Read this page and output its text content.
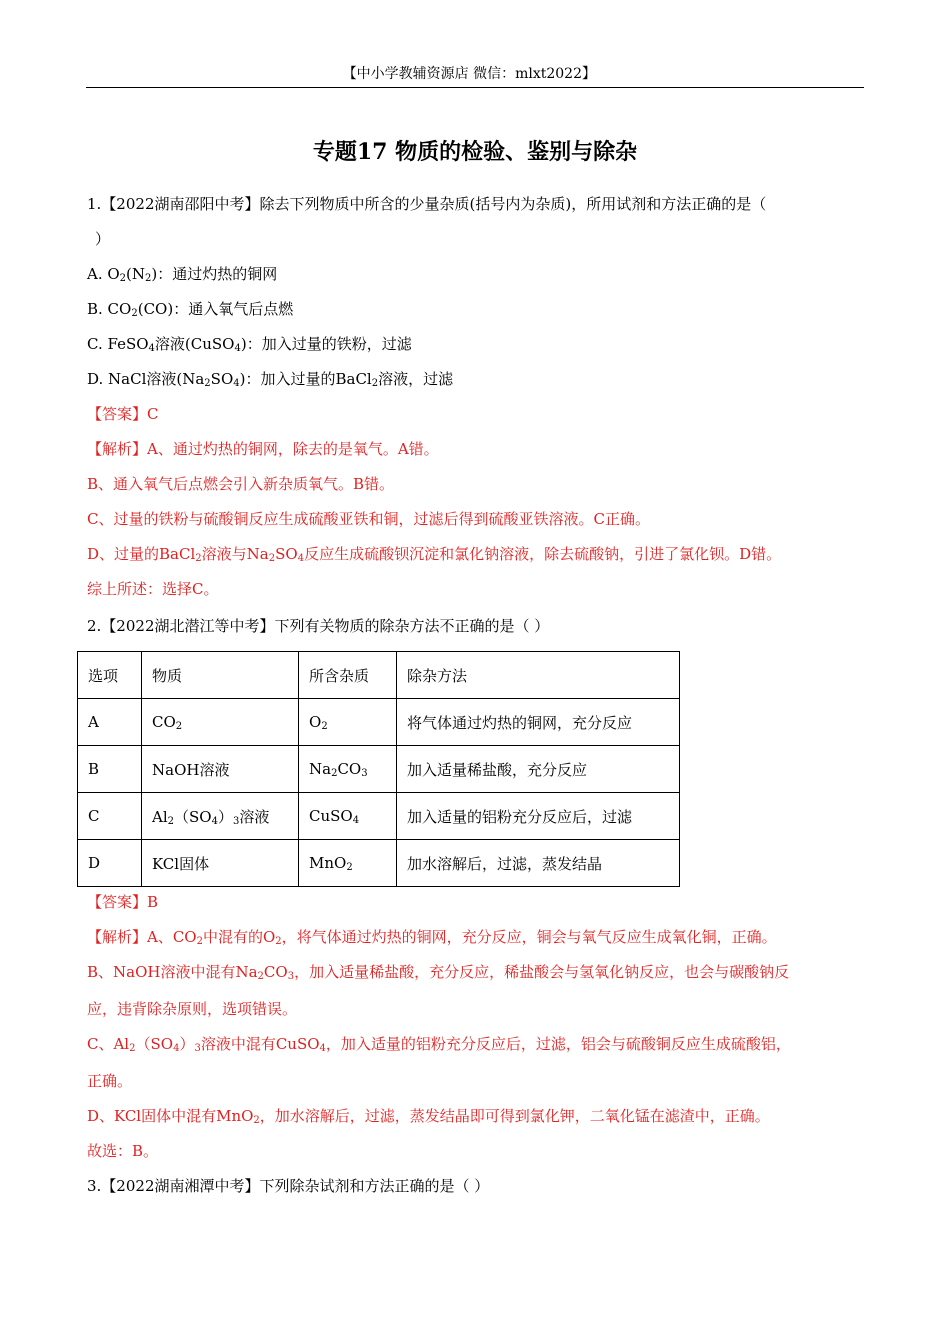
【中小学教辅资源店 微信：mlxt2022】
专题17 物质的检验、鉴别与除杂
1.【2022湖南邵阳中考】除去下列物质中所含的少量杂质(括号内为杂质)，所用试剂和方法正确的是（
）
A. $O_2(N_2)$：通过灼热的铜网
B. $CO_2(CO)$：通入氧气后点燃
C. FeSO$_4$溶液(CuSO$_4$)：加入过量的铁粉，过滤
D. NaCl溶液$(Na_2SO_4)$：加入过量的BaCl$_2$溶液，过滤
【答案】C
【解析】A、通过灼热的铜网，除去的是氧气。A错。
B、通入氧气后点燃会引入新杂质氧气。B错。
C、过量的铁粉与硫酸铜反应生成硫酸亚铁和铜，过滤后得到硫酸亚铁溶液。C正确。
D、过量的BaCl$_2$溶液与$Na_2SO_4$反应生成硫酸钡沉淀和氯化钠溶液，除去硫酸钠，引进了氯化钡。D错。
综上所述：选择C。
2.【2022湖北潜江等中考】下列有关物质的除杂方法不正确的是（ ）
选项	物质	所含杂质	除杂方法
A	$CO_2$	$O_2$	将气体通过灼热的铜网，充分反应
B	NaOH溶液	$Na_2CO_3$	加入适量稀盐酸，充分反应
C	$Al_2(SO_4)_3$溶液	CuSO$_4$	加入适量的铝粉充分反应后，过滤
D	KCl固体	MnO$_2$	加水溶解后，过滤，蒸发结晶
【答案】B
【解析】A、$CO_2$中混有的$O_2$，将气体通过灼热的铜网，充分反应，铜会与氧气反应生成氧化铜，正确。
B、NaOH溶液中混有$Na_2CO_3$，加入适量稀盐酸，充分反应，稀盐酸会与氢氧化钠反应，也会与碳酸钠反
应，违背除杂原则，选项错误。
C、$Al_2(SO_4)_3$溶液中混有CuSO$_4$，加入适量的铝粉充分反应后，过滤，铝会与硫酸铜反应生成硫酸铝，
正确。
D、KCl固体中混有MnO$_2$，加水溶解后，过滤，蒸发结晶即可得到氯化钾，二氧化锰在滤渣中，正确。
故选：B。
3.【2022湖南湘潭中考】下列除杂试剂和方法正确的是（ ）
